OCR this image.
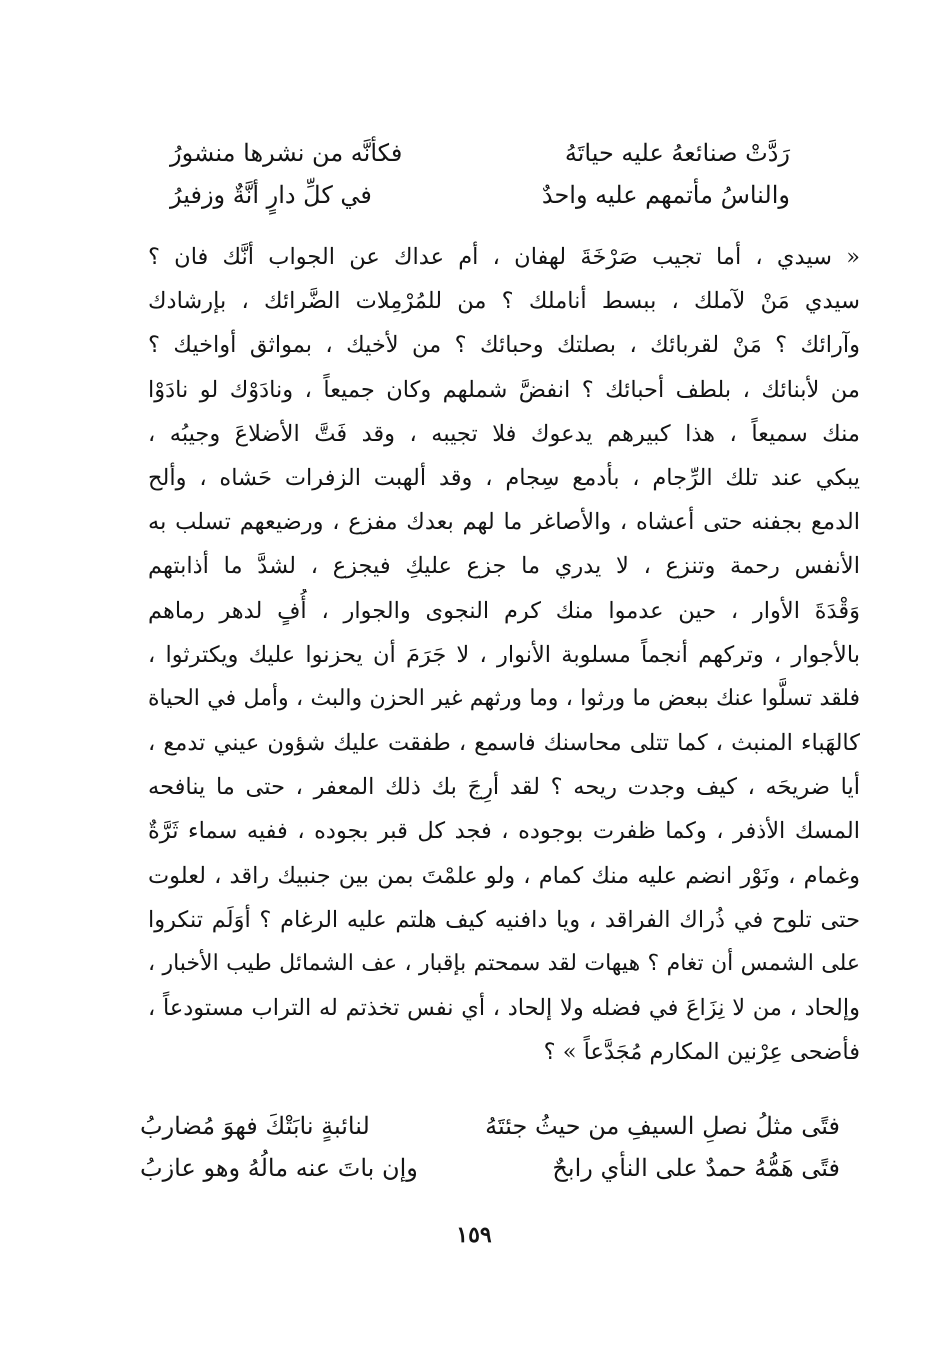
رَدَّتْ صنائعهُ عليه حياتَهُ
فكأنَّه من نشرها منشورُ
والناسُ مأتمهم عليه واحدٌ
في كلِّ دارٍ أنَّةٌ وزفيرُ
« سيدي ، أما تجيب صَرْخَةَ لهفان ، أم عداك عن الجواب أنَّك فان ؟
سيدي مَنْ لآملك ، ببسط أناملك ؟ من للمُرْمِلات الضَّرائك ، بإرشادك
وآرائك ؟ مَنْ لقربائك ، بصلتك وحبائك ؟ من لأخيك ، بمواثق أواخيك ؟
من لأبنائك ، بلطف أحبائك ؟ انفضَّ شملهم وكان جميعاً ، ونادَوْك لو نادَوْا
منك سميعاً ، هذا كبيرهم يدعوك فلا تجيبه ، وقد فَتَّ الأضلاعَ وجيبُه ،
يبكي عند تلك الرِّجام ، بأدمع سِجام ، وقد ألهبت الزفرات حَشاه ، وألح
الدمع بجفنه حتى أعشاه ، والأصاغر ما لهم بعدك مفزع ، ورضيعهم تسلب به
الأنفس رحمة وتنزع ، لا يدري ما جزع عليكِ فيجزع ، لشدَّ ما أذابتهم
وَقْدَةَ الأوار ، حين عدموا منك كرم النجوى والجوار ، أُفٍ لدهر رماهم
بالأجوار ، وتركهم أنجماً مسلوبة الأنوار ، لا جَرَمَ أن يحزنوا عليك ويكترثوا ،
فلقد تسلَّوا عنك ببعض ما ورثوا ، وما ورثهم غير الحزن والبث ، وأمل في الحياة
كالهَباء المنبث ، كما تتلى محاسنك فاسمع ، طفقت عليك شؤون عيني تدمع ،
أيا ضريحَه ، كيف وجدت ريحه ؟ لقد أرِجَ بك ذلك المعفر ، حتى ما ينافحه
المسك الأذفر ، وكما ظفرت بوجوده ، فجد كل قبر بجوده ، ففيه سماء ثَرَّةٌ
وغمام ، ونَوْر انضم عليه منك كمام ، ولو علمْتَ بمن بين جنبيك راقد ، لعلوت
حتى تلوح في ذُراك الفراقد ، ويا دافنيه كيف هلتم عليه الرغام ؟ أوَلَم تنكروا
على الشمس أن تغام ؟ هيهات لقد سمحتم بإقبار ، عف الشمائل طيب الأخبار ،
وإلحاد ، من لا نِزَاعَ في فضله ولا إلحاد ، أي نفس تخذتم له التراب مستودعاً ،
فأضحى عِرْنين المكارم مُجَدَّعاً » ؟
فتًى مثلُ نصلِ السيفِ من حيثُ جئتَهُ
لنائبةٍ نابَتْكَ فهوَ مُضاربُ
فتًى هَمُّهُ حمدٌ على النأي رابحٌ
وإن باتَ عنه مالُهُ وهو عازبُ
١٥٩
